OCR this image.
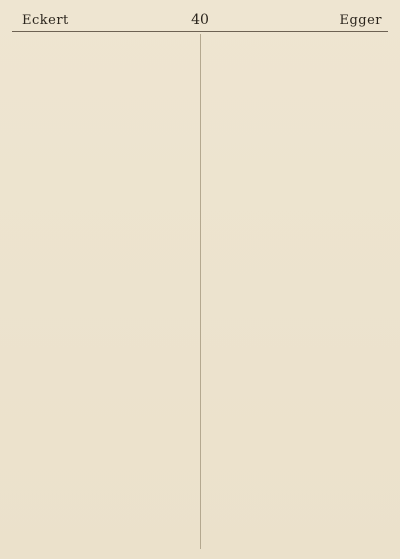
Eckert	40	Egger
